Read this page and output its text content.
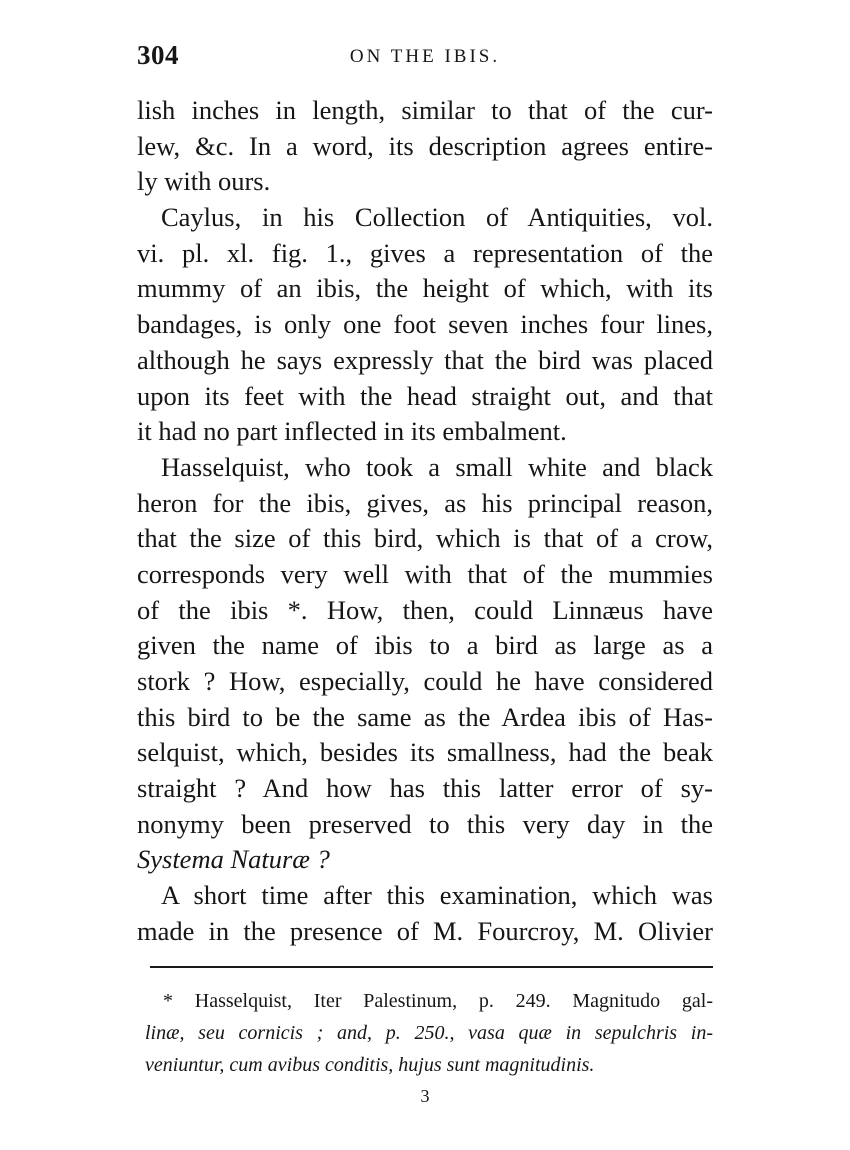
304	ON THE IBIS.
lish inches in length, similar to that of the cur-
lew, &c. In a word, its description agrees entire-
ly with ours.
Caylus, in his Collection of Antiquities, vol.
vi. pl. xl. fig. 1., gives a representation of the
mummy of an ibis, the height of which, with its
bandages, is only one foot seven inches four lines,
although he says expressly that the bird was placed
upon its feet with the head straight out, and that
it had no part inflected in its embalment.
Hasselquist, who took a small white and black
heron for the ibis, gives, as his principal reason,
that the size of this bird, which is that of a crow,
corresponds very well with that of the mummies
of the ibis *. How, then, could Linnæus have
given the name of ibis to a bird as large as a
stork ? How, especially, could he have considered
this bird to be the same as the Ardea ibis of Has-
selquist, which, besides its smallness, had the beak
straight ? And how has this latter error of sy-
nonymy been preserved to this very day in the
Systema Naturæ ?
A short time after this examination, which was
made in the presence of M. Fourcroy, M. Olivier
* Hasselquist, Iter Palestinum, p. 249. Magnitudo gal-
linæ, seu cornicis ; and, p. 250., vasa quæ in sepulchris in-
veniuntur, cum avibus conditis, hujus sunt magnitudinis.
3
